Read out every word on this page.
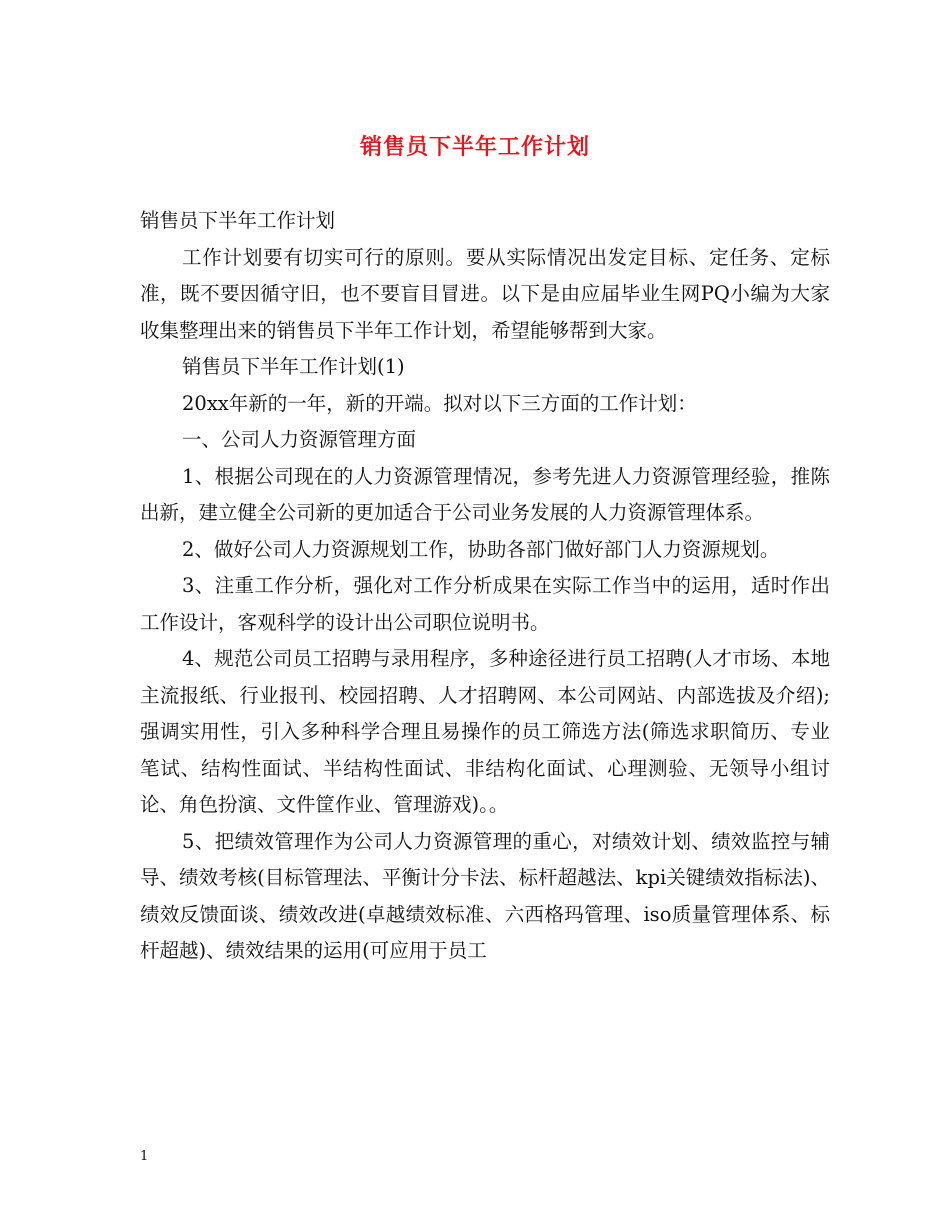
销售员下半年工作计划

销售员下半年工作计划

工作计划要有切实可行的原则。要从实际情况出发定目标、定任务、定标准，既不要因循守旧，也不要盲目冒进。以下是由应届毕业生网PQ小编为大家收集整理出来的销售员下半年工作计划，希望能够帮到大家。

销售员下半年工作计划(1)

20xx年新的一年，新的开端。拟对以下三方面的工作计划：

一、公司人力资源管理方面

1、根据公司现在的人力资源管理情况，参考先进人力资源管理经验，推陈出新，建立健全公司新的更加适合于公司业务发展的人力资源管理体系。

2、做好公司人力资源规划工作，协助各部门做好部门人力资源规划。

3、注重工作分析，强化对工作分析成果在实际工作当中的运用，适时作出工作设计，客观科学的设计出公司职位说明书。

4、规范公司员工招聘与录用程序，多种途径进行员工招聘(人才市场、本地主流报纸、行业报刊、校园招聘、人才招聘网、本公司网站、内部选拔及介绍);强调实用性，引入多种科学合理且易操作的员工筛选方法(筛选求职简历、专业笔试、结构性面试、半结构性面试、非结构化面试、心理测验、无领导小组讨论、角色扮演、文件筐作业、管理游戏)。。

5、把绩效管理作为公司人力资源管理的重心，对绩效计划、绩效监控与辅导、绩效考核(目标管理法、平衡计分卡法、标杆超越法、kpi关键绩效指标法)、绩效反馈面谈、绩效改进(卓越绩效标准、六西格玛管理、iso质量管理体系、标杆超越)、绩效结果的运用(可应用于员工

1
